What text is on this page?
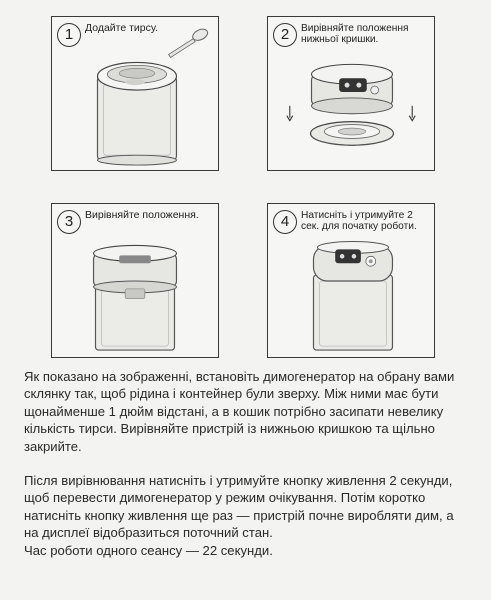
1	Додайте тирсу.	2	Вирівняйте положення нижньої кришки.
3	Вирівняйте положення.	4	Натисніть і утримуйте 2 сек. для початку роботи.

Як показано на зображенні, встановіть димогенератор на обрану вами склянку так, щоб рідина і контейнер були зверху. Між ними має бути щонайменше 1 дюйм відстані, а в кошик потрібно засипати невелику кількість тирси. Вирівняйте пристрій із нижньою кришкою та щільно закрийте.

Після вирівнювання натисніть і утримуйте кнопку живлення 2 секунди, щоб перевести димогенератор у режим очікування. Потім коротко натисніть кнопку живлення ще раз — пристрій почне виробляти дим, а на дисплеї відобразиться поточний стан.

Час роботи одного сеансу — 22 секунди.
